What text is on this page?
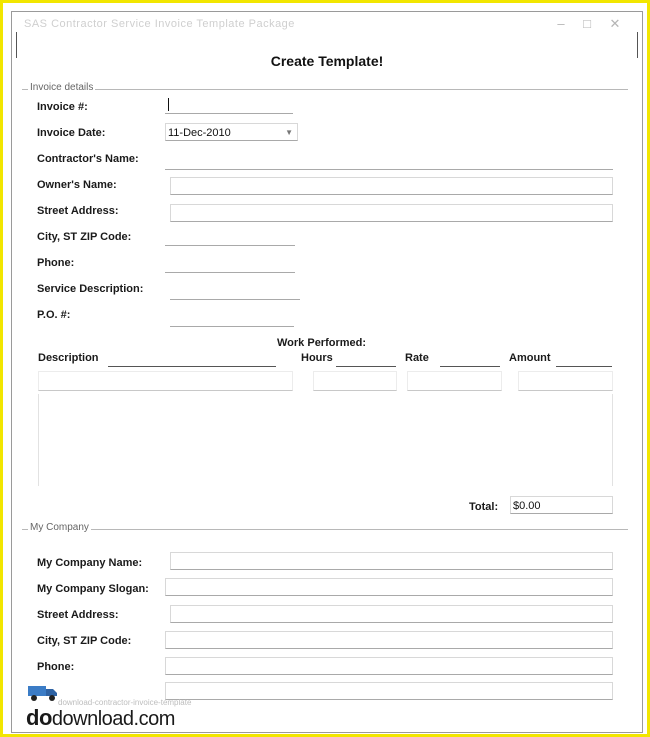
SAS Contractor Service Invoice Template Package	–	□	✕
Create Template!
Invoice details
Invoice #:
Invoice Date:	11-Dec-2010	▼
Contractor's Name:
Owner's Name:
Street Address:
City, ST ZIP Code:
Phone:
Service Description:
P.O. #:
Work Performed:
Description	Hours	Rate	Amount
Total: $0.00
My Company
My Company Name:
My Company Slogan:
Street Address:
City, ST ZIP Code:
Phone:
download-contractor-invoice-template
dodownload.com
